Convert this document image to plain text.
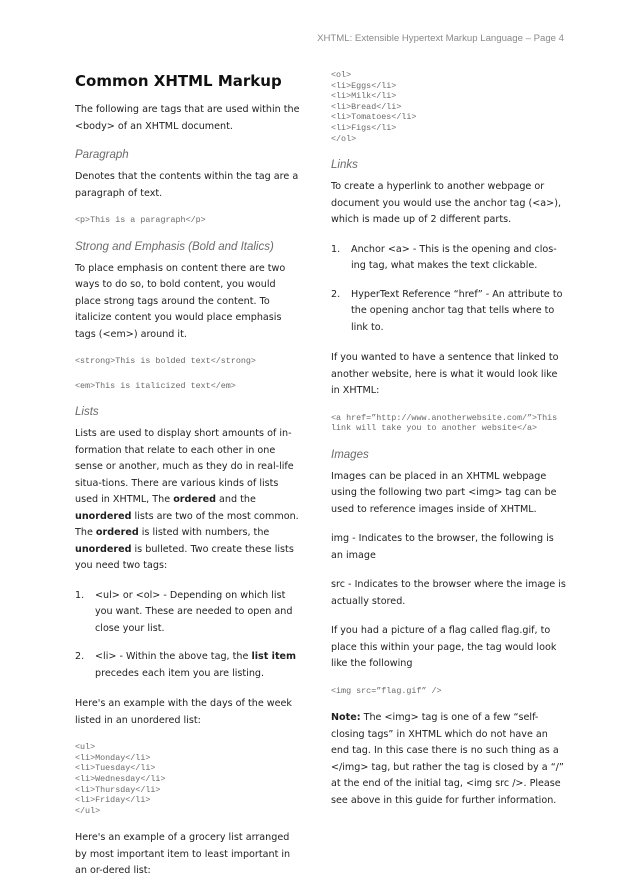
XHTML: Extensible Hypertext Markup Language – Page 4
Common XHTML Markup

The following are tags that are used within the <body> of an XHTML document.

Paragraph

Denotes that the contents within the tag are a paragraph of text.

<p>This is a paragraph</p>
Strong and Emphasis (Bold and Italics)

To place emphasis on content there are two ways to do so, to bold content, you would place strong tags around the content. To italicize content you would place emphasis tags (<em>) around it.

<strong>This is bolded text</strong>
<em>This is italicized text</em>
Lists

Lists are used to display short amounts of in-formation that relate to each other in one sense or another, much as they do in real-life situa-tions. There are various kinds of lists used in XHTML, The ordered and the unordered lists are two of the most common. The ordered is listed with numbers, the unordered is bulleted. Two create these lists you need two tags:

1. <ul> or <ol> - Depending on which list you want. These are needed to open and close your list.
2. <li> - Within the above tag, the list item precedes each item you are listing.

Here's an example with the days of the week listed in an unordered list:

<ul>
<li>Monday</li>
<li>Tuesday</li>
<li>Wednesday</li>
<li>Thursday</li>
<li>Friday</li>
</ul>

Here's an example of a grocery list arranged by most important item to least important in an or-dered list:

<ol>
<li>Eggs</li>
<li>Milk</li>
<li>Bread</li>
<li>Tomatoes</li>
<li>Figs</li>
</ol>
Links

To create a hyperlink to another webpage or document you would use the anchor tag (<a>), which is made up of 2 different parts.

1. Anchor <a> - This is the opening and clos-ing tag, what makes the text clickable.
2. HyperText Reference “href” - An attribute to the opening anchor tag that tells where to link to.

If you wanted to have a sentence that linked to another website, here is what it would look like in XHTML:

<a href=”http://www.anotherwebsite.com/”>This link will take you to another website</a>
Images

Images can be placed in an XHTML webpage using the following two part <img> tag can be used to reference images inside of XHTML.

img - Indicates to the browser, the following is an image

src - Indicates to the browser where the image is actually stored.

If you had a picture of a flag called flag.gif, to place this within your page, the tag would look like the following

<img src=”flag.gif” />

Note: The <img> tag is one of a few “self-closing tags” in XHTML which do not have an end tag. In this case there is no such thing as a </img> tag, but rather the tag is closed by a “/” at the end of the initial tag, <img src />. Please see above in this guide for further information.
